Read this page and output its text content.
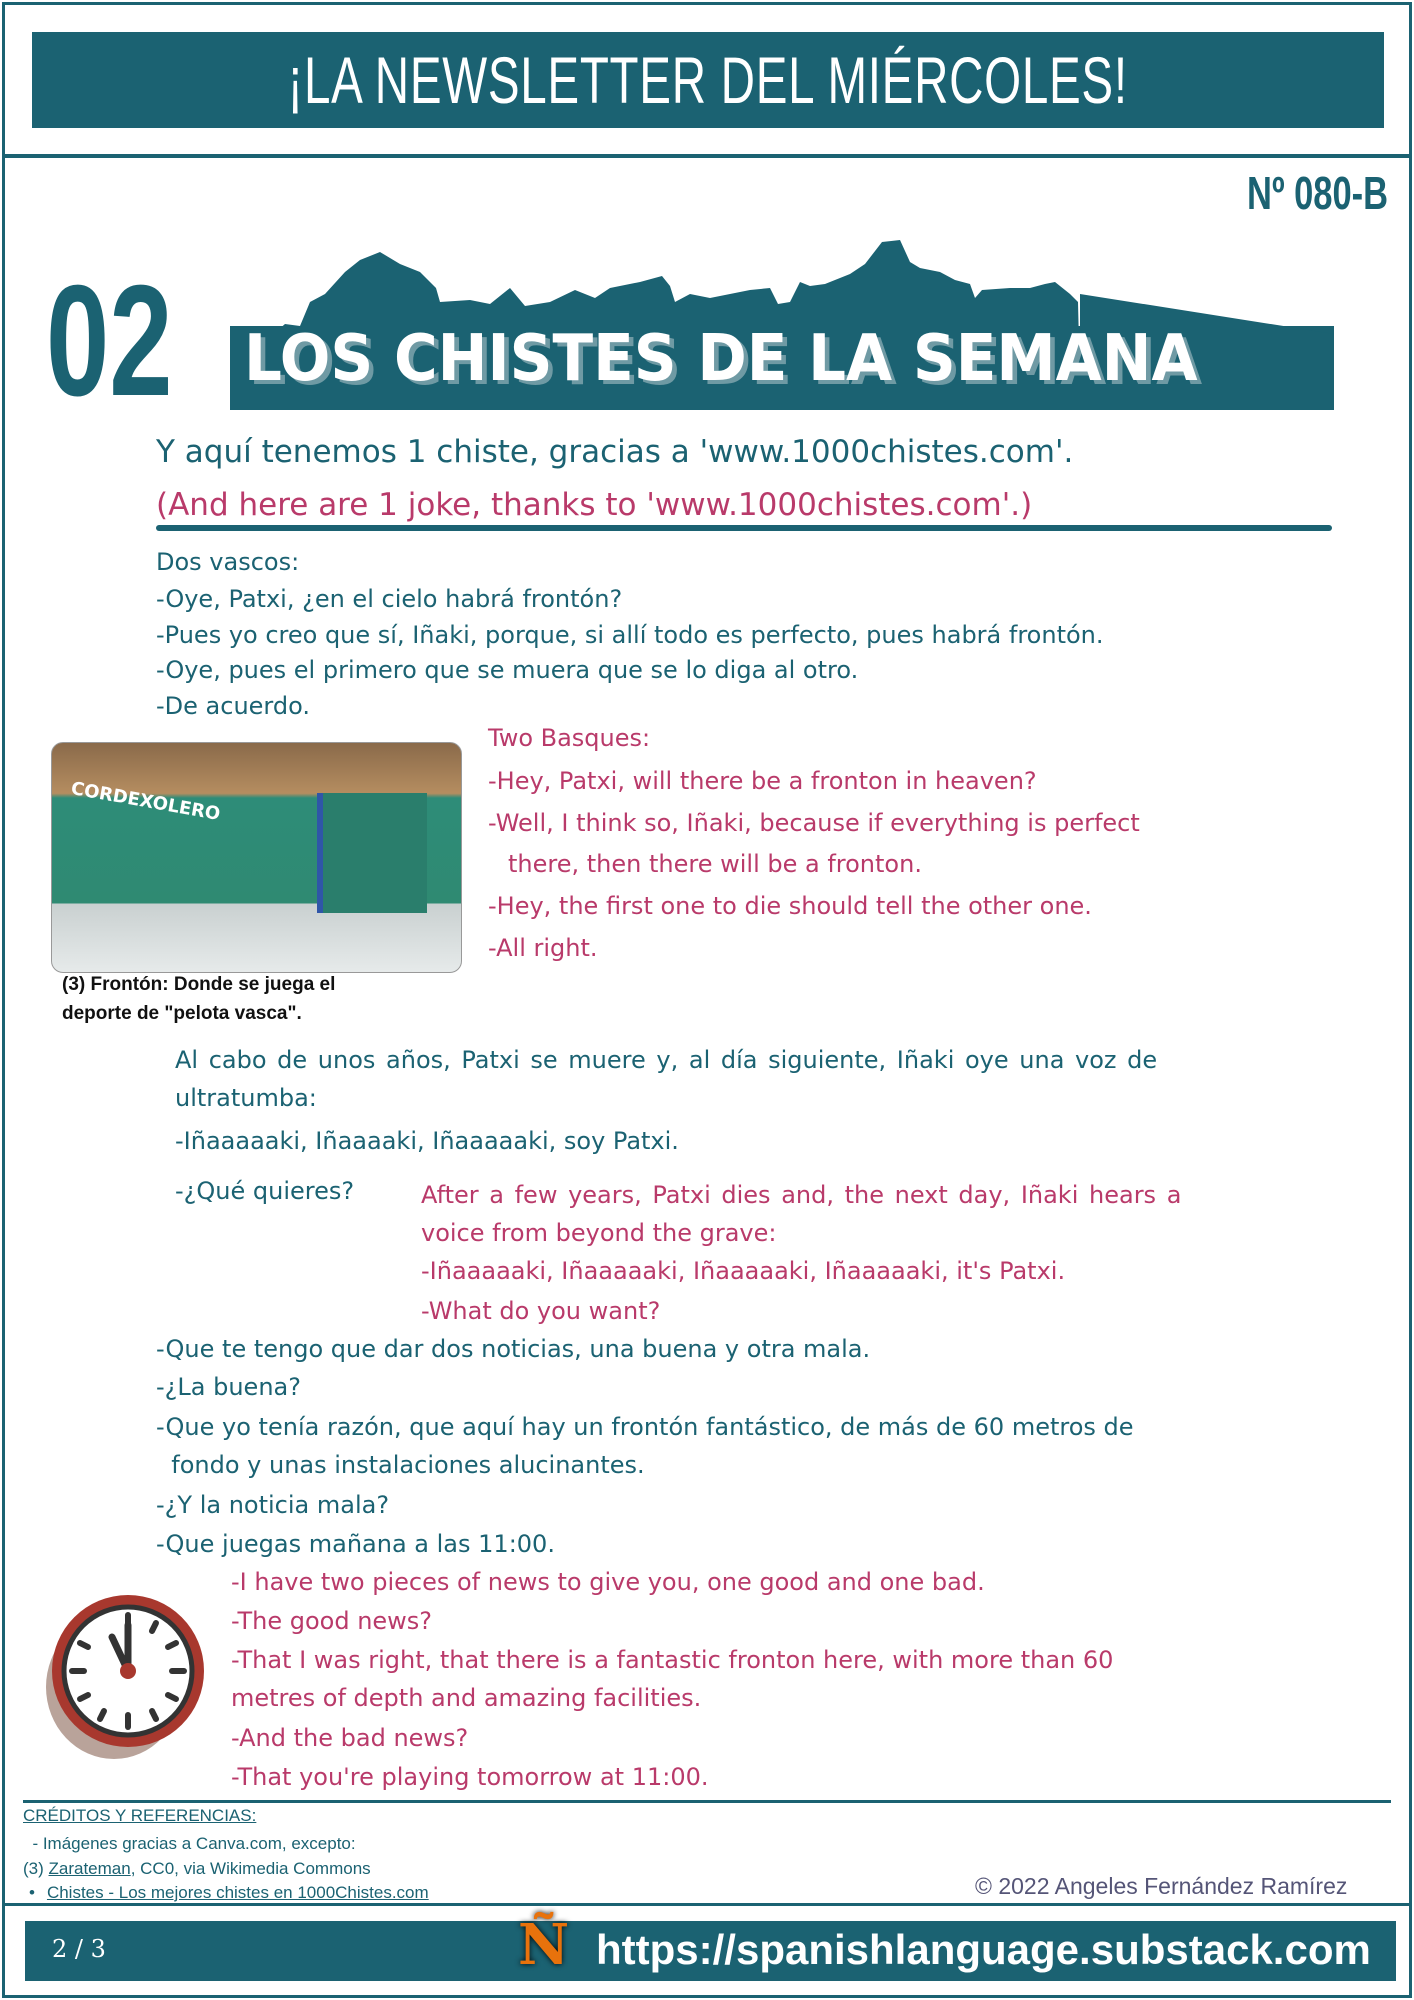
¡LA NEWSLETTER DEL MIÉRCOLES!
Nº 080-B
02 LOS CHISTES DE LA SEMANA
Y aquí tenemos 1 chiste, gracias a 'www.1000chistes.com'.
(And here are 1 joke, thanks to 'www.1000chistes.com'.)
Dos vascos:
-Oye, Patxi, ¿en el cielo habrá frontón?
-Pues yo creo que sí, Iñaki, porque, si allí todo es perfecto, pues habrá frontón.
-Oye, pues el primero que se muera que se lo diga al otro.
-De acuerdo.
CORDEXOLERO
(3) Frontón: Donde se juega el
deporte de "pelota vasca".
Two Basques:
-Hey, Patxi, will there be a fronton in heaven?
-Well, I think so, Iñaki, because if everything is perfect
there, then there will be a fronton.
-Hey, the first one to die should tell the other one.
-All right.
Al cabo de unos años, Patxi se muere y, al día siguiente, Iñaki oye una voz de
ultratumba:
-Iñaaaaaki, Iñaaaaki, Iñaaaaaki, soy Patxi.
-¿Qué quieres?	After a few years, Patxi dies and, the next day, Iñaki hears a
voice from beyond the grave:
-Iñaaaaaki, Iñaaaaaki, Iñaaaaaki, Iñaaaaaki, it's Patxi.
-What do you want?
-Que te tengo que dar dos noticias, una buena y otra mala.
-¿La buena?
-Que yo tenía razón, que aquí hay un frontón fantástico, de más de 60 metros de
fondo y unas instalaciones alucinantes.
-¿Y la noticia mala?
-Que juegas mañana a las 11:00.
-I have two pieces of news to give you, one good and one bad.
-The good news?
-That I was right, that there is a fantastic fronton here, with more than 60
metres of depth and amazing facilities.
-And the bad news?
-That you're playing tomorrow at 11:00.
CRÉDITOS Y REFERENCIAS:
- Imágenes gracias a Canva.com, excepto:
(3) Zarateman, CC0, via Wikimedia Commons
• Chistes - Los mejores chistes en 1000Chistes.com	© 2022 Angeles Fernández Ramírez
2 / 3	Ñ https://spanishlanguage.substack.com
